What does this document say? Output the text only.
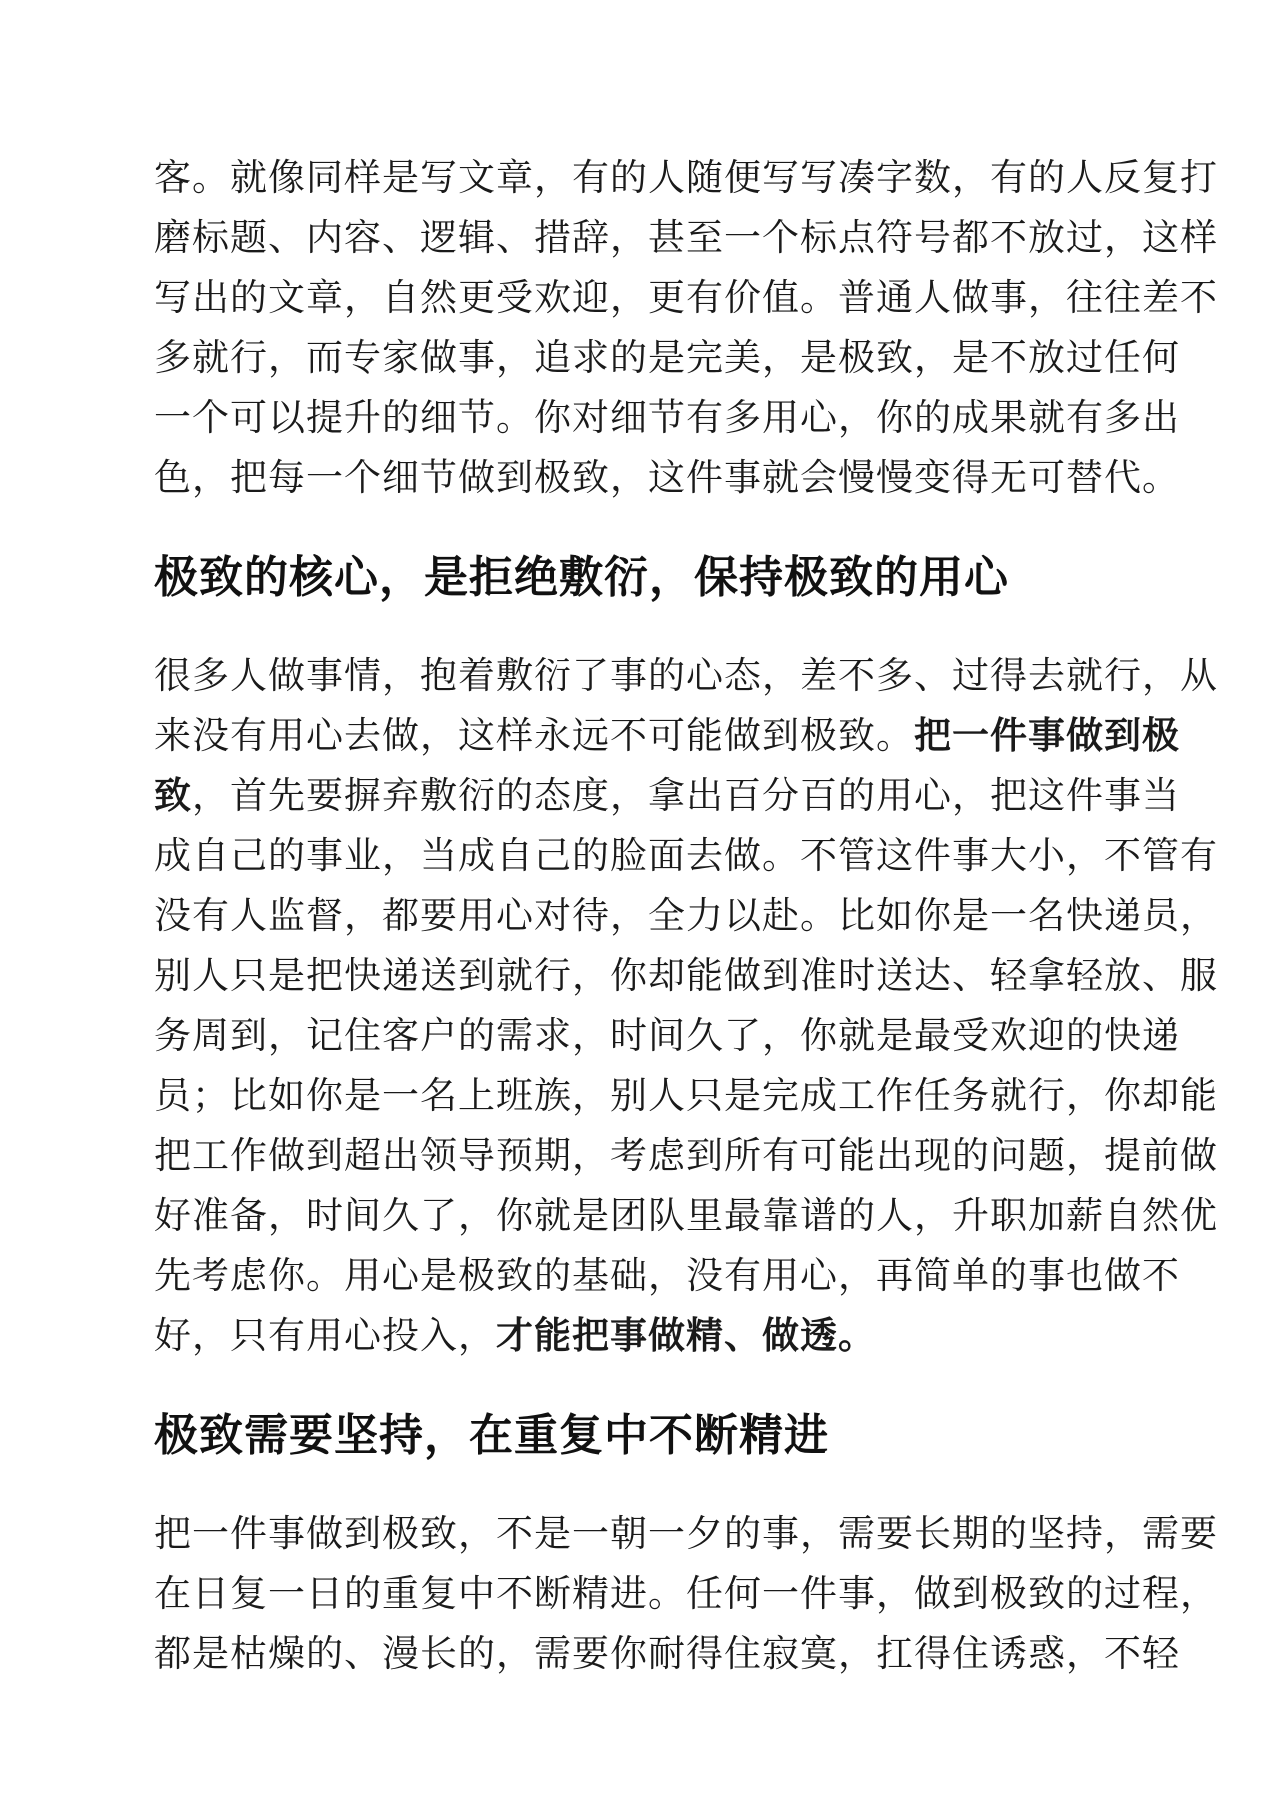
客。就像同样是写文章，有的人随便写写凑字数，有的人反复打
磨标题、内容、逻辑、措辞，甚至一个标点符号都不放过，这样
写出的文章，自然更受欢迎，更有价值。普通人做事，往往差不
多就行，而专家做事，追求的是完美，是极致，是不放过任何
一个可以提升的细节。你对细节有多用心，你的成果就有多出
色，把每一个细节做到极致，这件事就会慢慢变得无可替代。

极致的核心，是拒绝敷衍，保持极致的用心

很多人做事情，抱着敷衍了事的心态，差不多、过得去就行，从
来没有用心去做，这样永远不可能做到极致。把一件事做到极
致，首先要摒弃敷衍的态度，拿出百分百的用心，把这件事当
成自己的事业，当成自己的脸面去做。不管这件事大小，不管有
没有人监督，都要用心对待，全力以赴。比如你是一名快递员，
别人只是把快递送到就行，你却能做到准时送达、轻拿轻放、服
务周到，记住客户的需求，时间久了，你就是最受欢迎的快递
员；比如你是一名上班族，别人只是完成工作任务就行，你却能
把工作做到超出领导预期，考虑到所有可能出现的问题，提前做
好准备，时间久了，你就是团队里最靠谱的人，升职加薪自然优
先考虑你。用心是极致的基础，没有用心，再简单的事也做不
好，只有用心投入，才能把事做精、做透。

极致需要坚持，在重复中不断精进

把一件事做到极致，不是一朝一夕的事，需要长期的坚持，需要
在日复一日的重复中不断精进。任何一件事，做到极致的过程，
都是枯燥的、漫长的，需要你耐得住寂寞，扛得住诱惑，不轻
